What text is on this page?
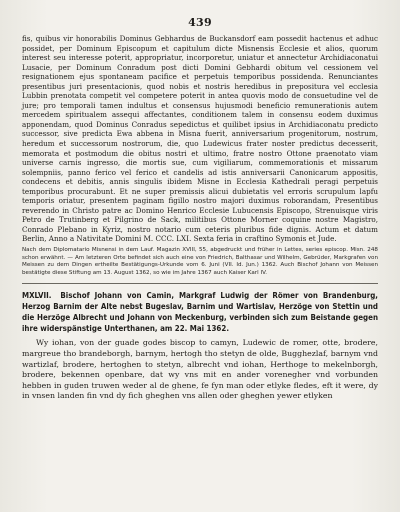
439

fis, quibus vir honorabilis Dominus Gebhardus de Buckansdorf eam possedit hactenus et adhuc possidet, per Dominum Episcopum et capitulum dicte Misnensis Ecclesie et alios, quorum interest seu interesse poterit, appropriatur, incorporetur, uniatur et annectetur Archidiaconatui Lusacie, per Dominum Conradum post dicti Domini Gebhardi obitum vel cessionem vel resignationem ejus spontaneam pacifice et perpetuis temporibus possidenda. Renunciantes presentibus juri presentacionis, quod nobis et nostris heredibus in prepositura vel ecclesia Lubbin prenotata competit vel competere poterit in antea quovis modo de consuetudine vel de jure; pro temporali tamen indultus et consensus hujusmodi beneficio remunerationis autem mercedem spiritualem assequi affectantes, conditionem talem in consensu eodem duximus apponendam, quod Dominus Conradus sepedictus et quilibet ipsius in Archidiaconatu predicto successor, sive predicta Ewa abbena in Misna fuerit, anniversarium progenitorum, nostrum, heredum et successorum nostrorum, die, quo Ludewicus frater noster predictus decesserit, memorata et postmodum die obitus nostri et ultimo, fratre nostro Ottone praenotato viam universe carnis ingresso, die mortis sue, cum vigiliarum, commemorationis et missarum solempniis, panno ferico vel ferico et candelis ad istis anniversarii Canonicarum appositis, condecens et debitis, annis singulis ibidem Misne in Ecclesia Kathedrali peragi perpetuis temporibus procurabunt. Et ne super premissis alicui dubietatis vel erroris scrupulum lapfu temporis oriatur, presentem paginam figillo nostro majori duximus roborandam, Presentibus reverendo in Christo patre ac Domino Henrico Ecclesie Lubucensis Episcopo, Strenuisque viris Petro de Trutinberg et Pilgrino de Sack, militibus Ottone Morner coquine nostre Magistro, Conrado Plebano in Kyriz, nostro notario cum ceteris pluribus fide dignis. Actum et datum Berlin, Anno a Nativitate Domini M. CCC. LXI. Sexta feria in craftino Symonis et Jude.

Nach dem Diplomatario Misnensi in dem Lauf. Magazin XVIII, 55, abgedruckt und früher in Lettes, series episcop. Misn. 248 schon erwähnt. — Am letzteren Orte befindet sich auch eine von Friedrich, Balthasar und Wilhelm, Gebrüder, Markgrafen von Meissen zu dem Dingen ertheilte Bestätigungs-Urkunde vom 6. Juni (VII. Id. Jun.) 1362. Auch Bischof Johann von Meissen bestätigte diese Stiftung am 13. August 1362, so wie im Jahre 1367 auch Kaiser Karl IV.
MXLVII. Bischof Johann von Camin, Markgraf Ludwig der Römer von Brandenburg, Herzog Barnim der Alte nebst Bugeslav, Barnim und Wartislav, Herzöge von Stettin und die Herzöge Albrecht und Johann von Meckenburg, verbinden sich zum Beistande gegen ihre widerspänstige Unterthanen, am 22. Mai 1362.

Wy iohan, von der guade godes biscop to camyn, Ludewic de romer, otte, brodere, margreue tho brandeborgh, barnym, hertogh tho stetyn de olde, Bugghezlaf, barnym vnd wartizlaf, brodere, hertoghen to stetyn, albrecht vnd iohan, Herthoge to mekelnborgh, brodere, bekennen openbare, dat wy vns mit en ander vorenegher vnd vorbunden hebben in guden truwen weder al de ghene, fe fyn man oder etlyke fledes, eft it were, dy in vnsen landen fin vnd dy fich gheghen vns allen oder gheghen yewer etlyken
